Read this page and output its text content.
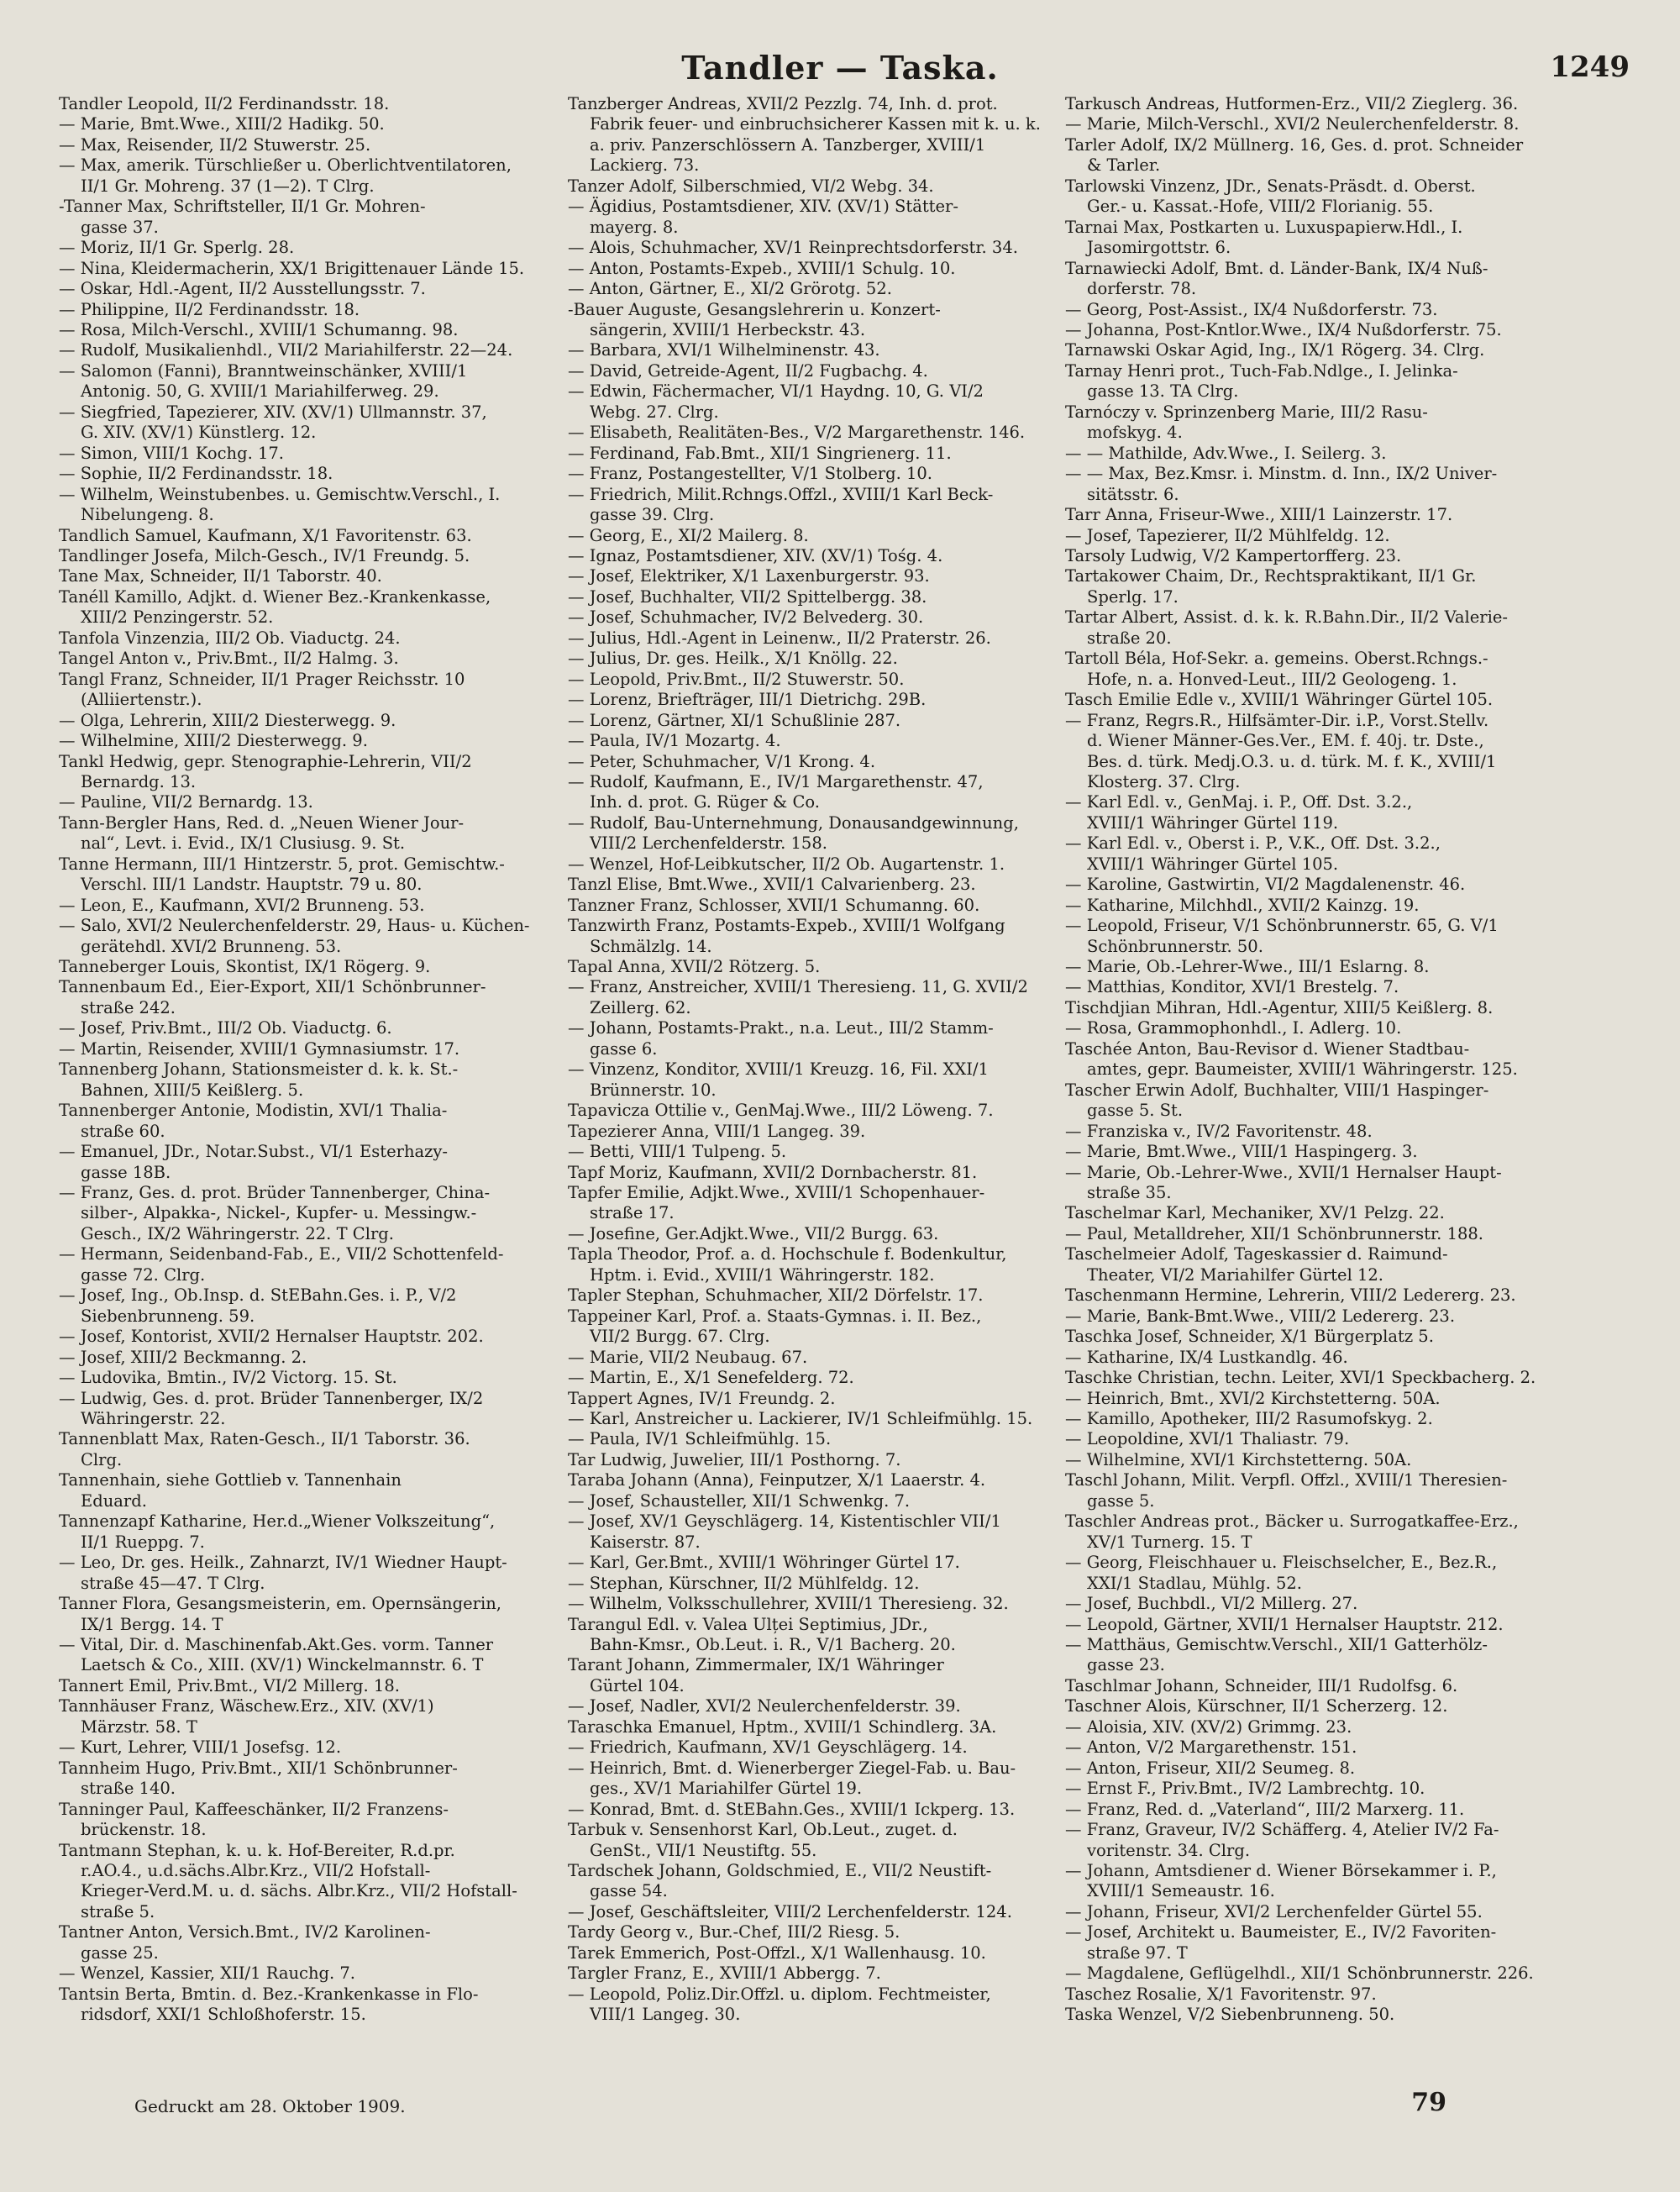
Tandler — Taska.	1249
Tandler Leopold, II/2 Ferdinandsstr. 18.
— Marie, Bmt.Wwe., XIII/2 Hadikg. 50.
— Max, Reisender, II/2 Stuwerstr. 25.
— Max, amerik. Türschließer u. Oberlichtventilatoren,
II/1 Gr. Mohreng. 37 (1—2). T Clrg.
-Tanner Max, Schriftsteller, II/1 Gr. Mohren-
gasse 37.
— Moriz, II/1 Gr. Sperlg. 28.
— Nina, Kleidermacherin, XX/1 Brigittenauer Lände 15.
— Oskar, Hdl.-Agent, II/2 Ausstellungsstr. 7.
— Philippine, II/2 Ferdinandsstr. 18.
— Rosa, Milch-Verschl., XVIII/1 Schumanng. 98.
— Rudolf, Musikalienhdl., VII/2 Mariahilferstr. 22—24.
— Salomon (Fanni), Branntweinschänker, XVIII/1
Antonig. 50, G. XVIII/1 Mariahilferweg. 29.
— Siegfried, Tapezierer, XIV. (XV/1) Ullmannstr. 37,
G. XIV. (XV/1) Künstlerg. 12.
— Simon, VIII/1 Kochg. 17.
— Sophie, II/2 Ferdinandsstr. 18.
— Wilhelm, Weinstubenbes. u. Gemischtw.Verschl., I.
Nibelungeng. 8.
Tandlich Samuel, Kaufmann, X/1 Favoritenstr. 63.
Tandlinger Josefa, Milch-Gesch., IV/1 Freundg. 5.
Tane Max, Schneider, II/1 Taborstr. 40.
Tanéll Kamillo, Adjkt. d. Wiener Bez.-Krankenkasse,
XIII/2 Penzingerstr. 52.
Tanfola Vinzenzia, III/2 Ob. Viaductg. 24.
Tangel Anton v., Priv.Bmt., II/2 Halmg. 3.
Tangl Franz, Schneider, II/1 Prager Reichsstr. 10
(Alliiertenstr.).
— Olga, Lehrerin, XIII/2 Diesterwegg. 9.
— Wilhelmine, XIII/2 Diesterwegg. 9.
Tankl Hedwig, gepr. Stenographie-Lehrerin, VII/2
Bernardg. 13.
— Pauline, VII/2 Bernardg. 13.
Tann-Bergler Hans, Red. d. „Neuen Wiener Jour-
nal“, Levt. i. Evid., IX/1 Clusiusg. 9. St.
Tanne Hermann, III/1 Hintzerstr. 5, prot. Gemischtw.-
Verschl. III/1 Landstr. Hauptstr. 79 u. 80.
— Leon, E., Kaufmann, XVI/2 Brunneng. 53.
— Salo, XVI/2 Neulerchenfelderstr. 29, Haus- u. Küchen-
gerätehdl. XVI/2 Brunneng. 53.
Tanneberger Louis, Skontist, IX/1 Rögerg. 9.
Tannenbaum Ed., Eier-Export, XII/1 Schönbrunner-
straße 242.
— Josef, Priv.Bmt., III/2 Ob. Viaductg. 6.
— Martin, Reisender, XVIII/1 Gymnasiumstr. 17.
Tannenberg Johann, Stationsmeister d. k. k. St.-
Bahnen, XIII/5 Keißlerg. 5.
Tannenberger Antonie, Modistin, XVI/1 Thalia-
straße 60.
— Emanuel, JDr., Notar.Subst., VI/1 Esterhazy-
gasse 18B.
— Franz, Ges. d. prot. Brüder Tannenberger, China-
silber-, Alpakka-, Nickel-, Kupfer- u. Messingw.-
Gesch., IX/2 Währingerstr. 22. T Clrg.
— Hermann, Seidenband-Fab., E., VII/2 Schottenfeld-
gasse 72. Clrg.
— Josef, Ing., Ob.Insp. d. StEBahn.Ges. i. P., V/2
Siebenbrunneng. 59.
— Josef, Kontorist, XVII/2 Hernalser Hauptstr. 202.
— Josef, XIII/2 Beckmanng. 2.
— Ludovika, Bmtin., IV/2 Victorg. 15. St.
— Ludwig, Ges. d. prot. Brüder Tannenberger, IX/2
Währingerstr. 22.
Tannenblatt Max, Raten-Gesch., II/1 Taborstr. 36.
Clrg.
Tannenhain, siehe Gottlieb v. Tannenhain
Eduard.
Tannenzapf Katharine, Her.d.„Wiener Volkszeitung“,
II/1 Rueppg. 7.
— Leo, Dr. ges. Heilk., Zahnarzt, IV/1 Wiedner Haupt-
straße 45—47. T Clrg.
Tanner Flora, Gesangsmeisterin, em. Opernsängerin,
IX/1 Bergg. 14. T
— Vital, Dir. d. Maschinenfab.Akt.Ges. vorm. Tanner
Laetsch & Co., XIII. (XV/1) Winckelmannstr. 6. T
Tannert Emil, Priv.Bmt., VI/2 Millerg. 18.
Tannhäuser Franz, Wäschew.Erz., XIV. (XV/1)
Märzstr. 58. T
— Kurt, Lehrer, VIII/1 Josefsg. 12.
Tannheim Hugo, Priv.Bmt., XII/1 Schönbrunner-
straße 140.
Tanninger Paul, Kaffeeschänker, II/2 Franzens-
brückenstr. 18.
Tantmann Stephan, k. u. k. Hof-Bereiter, R.d.pr.
r.AO.4., u.d.sächs.Albr.Krz., VII/2 Hofstall-
Krieger-Verd.M. u. d. sächs. Albr.Krz., VII/2 Hofstall-
straße 5.
Tantner Anton, Versich.Bmt., IV/2 Karolinen-
gasse 25.
— Wenzel, Kassier, XII/1 Rauchg. 7.
Tantsin Berta, Bmtin. d. Bez.-Krankenkasse in Flo-
ridsdorf, XXI/1 Schloßhoferstr. 15.
Tanzberger Andreas, XVII/2 Pezzlg. 74, Inh. d. prot.
Fabrik feuer- und einbruchsicherer Kassen mit k. u. k.
a. priv. Panzerschlössern A. Tanzberger, XVIII/1
Lackierg. 73.
Tanzer Adolf, Silberschmied, VI/2 Webg. 34.
— Ägidius, Postamtsdiener, XIV. (XV/1) Stätter-
mayerg. 8.
— Alois, Schuhmacher, XV/1 Reinprechtsdorferstr. 34.
— Anton, Postamts-Expeb., XVIII/1 Schulg. 10.
— Anton, Gärtner, E., XI/2 Grörotg. 52.
-Bauer Auguste, Gesangslehrerin u. Konzert-
sängerin, XVIII/1 Herbeckstr. 43.
— Barbara, XVI/1 Wilhelminenstr. 43.
— David, Getreide-Agent, II/2 Fugbachg. 4.
— Edwin, Fächermacher, VI/1 Haydng. 10, G. VI/2
Webg. 27. Clrg.
— Elisabeth, Realitäten-Bes., V/2 Margarethenstr. 146.
— Ferdinand, Fab.Bmt., XII/1 Singrienerg. 11.
— Franz, Postangestellter, V/1 Stolberg. 10.
— Friedrich, Milit.Rchngs.Offzl., XVIII/1 Karl Beck-
gasse 39. Clrg.
— Georg, E., XI/2 Mailerg. 8.
— Ignaz, Postamtsdiener, XIV. (XV/1) Tośg. 4.
— Josef, Elektriker, X/1 Laxenburgerstr. 93.
— Josef, Buchhalter, VII/2 Spittelbergg. 38.
— Josef, Schuhmacher, IV/2 Belvederg. 30.
— Julius, Hdl.-Agent in Leinenw., II/2 Praterstr. 26.
— Julius, Dr. ges. Heilk., X/1 Knöllg. 22.
— Leopold, Priv.Bmt., II/2 Stuwerstr. 50.
— Lorenz, Briefträger, III/1 Dietrichg. 29B.
— Lorenz, Gärtner, XI/1 Schußlinie 287.
— Paula, IV/1 Mozartg. 4.
— Peter, Schuhmacher, V/1 Krong. 4.
— Rudolf, Kaufmann, E., IV/1 Margarethenstr. 47,
Inh. d. prot. G. Rüger & Co.
— Rudolf, Bau-Unternehmung, Donausandgewinnung,
VIII/2 Lerchenfelderstr. 158.
— Wenzel, Hof-Leibkutscher, II/2 Ob. Augartenstr. 1.
Tanzl Elise, Bmt.Wwe., XVII/1 Calvarienberg. 23.
Tanzner Franz, Schlosser, XVII/1 Schumanng. 60.
Tanzwirth Franz, Postamts-Expeb., XVIII/1 Wolfgang
Schmälzlg. 14.
Tapal Anna, XVII/2 Rötzerg. 5.
— Franz, Anstreicher, XVIII/1 Theresieng. 11, G. XVII/2
Zeillerg. 62.
— Johann, Postamts-Prakt., n.a. Leut., III/2 Stamm-
gasse 6.
— Vinzenz, Konditor, XVIII/1 Kreuzg. 16, Fil. XXI/1
Brünnerstr. 10.
Tapavicza Ottilie v., GenMaj.Wwe., III/2 Löweng. 7.
Tapezierer Anna, VIII/1 Langeg. 39.
— Betti, VIII/1 Tulpeng. 5.
Tapf Moriz, Kaufmann, XVII/2 Dornbacherstr. 81.
Tapfer Emilie, Adjkt.Wwe., XVIII/1 Schopenhauer-
straße 17.
— Josefine, Ger.Adjkt.Wwe., VII/2 Burgg. 63.
Tapla Theodor, Prof. a. d. Hochschule f. Bodenkultur,
Hptm. i. Evid., XVIII/1 Währingerstr. 182.
Tapler Stephan, Schuhmacher, XII/2 Dörfelstr. 17.
Tappeiner Karl, Prof. a. Staats-Gymnas. i. II. Bez.,
VII/2 Burgg. 67. Clrg.
— Marie, VII/2 Neubaug. 67.
— Martin, E., X/1 Senefelderg. 72.
Tappert Agnes, IV/1 Freundg. 2.
— Karl, Anstreicher u. Lackierer, IV/1 Schleifmühlg. 15.
— Paula, IV/1 Schleifmühlg. 15.
Tar Ludwig, Juwelier, III/1 Posthorng. 7.
Taraba Johann (Anna), Feinputzer, X/1 Laaerstr. 4.
— Josef, Schausteller, XII/1 Schwenkg. 7.
— Josef, XV/1 Geyschlägerg. 14, Kistentischler VII/1
Kaiserstr. 87.
— Karl, Ger.Bmt., XVIII/1 Wöhringer Gürtel 17.
— Stephan, Kürschner, II/2 Mühlfeldg. 12.
— Wilhelm, Volksschullehrer, XVIII/1 Theresieng. 32.
Tarangul Edl. v. Valea Ulței Septimius, JDr.,
Bahn-Kmsr., Ob.Leut. i. R., V/1 Bacherg. 20.
Tarant Johann, Zimmermaler, IX/1 Währinger
Gürtel 104.
— Josef, Nadler, XVI/2 Neulerchenfelderstr. 39.
Taraschka Emanuel, Hptm., XVIII/1 Schindlerg. 3A.
— Friedrich, Kaufmann, XV/1 Geyschlägerg. 14.
— Heinrich, Bmt. d. Wienerberger Ziegel-Fab. u. Bau-
ges., XV/1 Mariahilfer Gürtel 19.
— Konrad, Bmt. d. StEBahn.Ges., XVIII/1 Ickperg. 13.
Tarbuk v. Sensenhorst Karl, Ob.Leut., zuget. d.
GenSt., VII/1 Neustiftg. 55.
Tardschek Johann, Goldschmied, E., VII/2 Neustift-
gasse 54.
— Josef, Geschäftsleiter, VIII/2 Lerchenfelderstr. 124.
Tardy Georg v., Bur.-Chef, III/2 Riesg. 5.
Tarek Emmerich, Post-Offzl., X/1 Wallenhausg. 10.
Targler Franz, E., XVIII/1 Abbergg. 7.
— Leopold, Poliz.Dir.Offzl. u. diplom. Fechtmeister,
VIII/1 Langeg. 30.
Tarkusch Andreas, Hutformen-Erz., VII/2 Zieglerg. 36.
— Marie, Milch-Verschl., XVI/2 Neulerchenfelderstr. 8.
Tarler Adolf, IX/2 Müllnerg. 16, Ges. d. prot. Schneider
& Tarler.
Tarlowski Vinzenz, JDr., Senats-Präsdt. d. Oberst.
Ger.- u. Kassat.-Hofe, VIII/2 Florianig. 55.
Tarnai Max, Postkarten u. Luxuspapierw.Hdl., I.
Jasomirgottstr. 6.
Tarnawiecki Adolf, Bmt. d. Länder-Bank, IX/4 Nuß-
dorferstr. 78.
— Georg, Post-Assist., IX/4 Nußdorferstr. 73.
— Johanna, Post-Kntlor.Wwe., IX/4 Nußdorferstr. 75.
Tarnawski Oskar Agid, Ing., IX/1 Rögerg. 34. Clrg.
Tarnay Henri prot., Tuch-Fab.Ndlge., I. Jelinka-
gasse 13. TA Clrg.
Tarnóczy v. Sprinzenberg Marie, III/2 Rasu-
mofskyg. 4.
— — Mathilde, Adv.Wwe., I. Seilerg. 3.
— — Max, Bez.Kmsr. i. Minstm. d. Inn., IX/2 Univer-
sitätsstr. 6.
Tarr Anna, Friseur-Wwe., XIII/1 Lainzerstr. 17.
— Josef, Tapezierer, II/2 Mühlfeldg. 12.
Tarsoly Ludwig, V/2 Kampertorfferg. 23.
Tartakower Chaim, Dr., Rechtspraktikant, II/1 Gr.
Sperlg. 17.
Tartar Albert, Assist. d. k. k. R.Bahn.Dir., II/2 Valerie-
straße 20.
Tartoll Béla, Hof-Sekr. a. gemeins. Oberst.Rchngs.-
Hofe, n. a. Honved-Leut., III/2 Geologeng. 1.
Tasch Emilie Edle v., XVIII/1 Währinger Gürtel 105.
— Franz, Regrs.R., Hilfsämter-Dir. i.P., Vorst.Stellv.
d. Wiener Männer-Ges.Ver., EM. f. 40j. tr. Dste.,
Bes. d. türk. Medj.O.3. u. d. türk. M. f. K., XVIII/1
Klosterg. 37. Clrg.
— Karl Edl. v., GenMaj. i. P., Off. Dst. 3.2.,
XVIII/1 Währinger Gürtel 119.
— Karl Edl. v., Oberst i. P., V.K., Off. Dst. 3.2.,
XVIII/1 Währinger Gürtel 105.
— Karoline, Gastwirtin, VI/2 Magdalenenstr. 46.
— Katharine, Milchhdl., XVII/2 Kainzg. 19.
— Leopold, Friseur, V/1 Schönbrunnerstr. 65, G. V/1
Schönbrunnerstr. 50.
— Marie, Ob.-Lehrer-Wwe., III/1 Eslarng. 8.
— Matthias, Konditor, XVI/1 Brestelg. 7.
Tischdjian Mihran, Hdl.-Agentur, XIII/5 Keißlerg. 8.
— Rosa, Grammophonhdl., I. Adlerg. 10.
Taschée Anton, Bau-Revisor d. Wiener Stadtbau-
amtes, gepr. Baumeister, XVIII/1 Währingerstr. 125.
Tascher Erwin Adolf, Buchhalter, VIII/1 Haspinger-
gasse 5. St.
— Franziska v., IV/2 Favoritenstr. 48.
— Marie, Bmt.Wwe., VIII/1 Haspingerg. 3.
— Marie, Ob.-Lehrer-Wwe., XVII/1 Hernalser Haupt-
straße 35.
Taschelmar Karl, Mechaniker, XV/1 Pelzg. 22.
— Paul, Metalldreher, XII/1 Schönbrunnerstr. 188.
Taschelmeier Adolf, Tageskassier d. Raimund-
Theater, VI/2 Mariahilfer Gürtel 12.
Taschenmann Hermine, Lehrerin, VIII/2 Ledererg. 23.
— Marie, Bank-Bmt.Wwe., VIII/2 Ledererg. 23.
Taschka Josef, Schneider, X/1 Bürgerplatz 5.
— Katharine, IX/4 Lustkandlg. 46.
Taschke Christian, techn. Leiter, XVI/1 Speckbacherg. 2.
— Heinrich, Bmt., XVI/2 Kirchstetterng. 50A.
— Kamillo, Apotheker, III/2 Rasumofskyg. 2.
— Leopoldine, XVI/1 Thaliastr. 79.
— Wilhelmine, XVI/1 Kirchstetterng. 50A.
Taschl Johann, Milit. Verpfl. Offzl., XVIII/1 Theresien-
gasse 5.
Taschler Andreas prot., Bäcker u. Surrogatkaffee-Erz.,
XV/1 Turnerg. 15. T
— Georg, Fleischhauer u. Fleischselcher, E., Bez.R.,
XXI/1 Stadlau, Mühlg. 52.
— Josef, Buchbdl., VI/2 Millerg. 27.
— Leopold, Gärtner, XVII/1 Hernalser Hauptstr. 212.
— Matthäus, Gemischtw.Verschl., XII/1 Gatterhölz-
gasse 23.
Taschlmar Johann, Schneider, III/1 Rudolfsg. 6.
Taschner Alois, Kürschner, II/1 Scherzerg. 12.
— Aloisia, XIV. (XV/2) Grimmg. 23.
— Anton, V/2 Margarethenstr. 151.
— Anton, Friseur, XII/2 Seumeg. 8.
— Ernst F., Priv.Bmt., IV/2 Lambrechtg. 10.
— Franz, Red. d. „Vaterland“, III/2 Marxerg. 11.
— Franz, Graveur, IV/2 Schäfferg. 4, Atelier IV/2 Fa-
voritenstr. 34. Clrg.
— Johann, Amtsdiener d. Wiener Börsekammer i. P.,
XVIII/1 Semeaustr. 16.
— Johann, Friseur, XVI/2 Lerchenfelder Gürtel 55.
— Josef, Architekt u. Baumeister, E., IV/2 Favoriten-
straße 97. T
— Magdalene, Geflügelhdl., XII/1 Schönbrunnerstr. 226.
Taschez Rosalie, X/1 Favoritenstr. 97.
Taska Wenzel, V/2 Siebenbrunneng. 50.
Gedruckt am 28. Oktober 1909.	79
